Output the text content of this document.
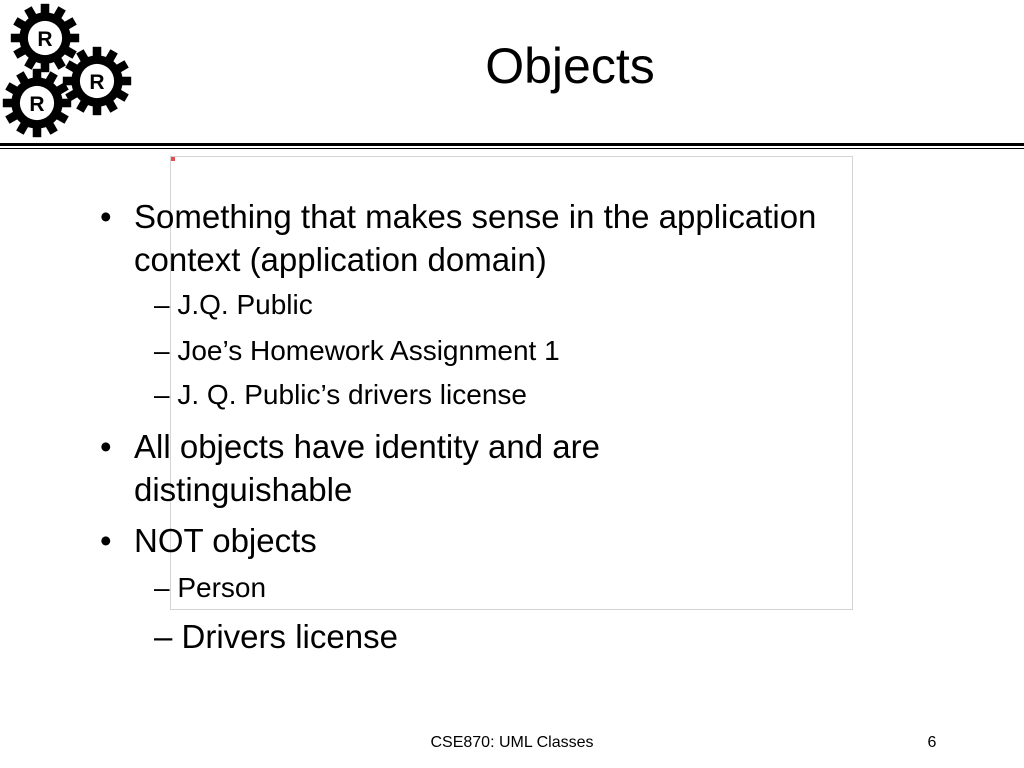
R
R
R
Objects
• Something that makes sense in the application context (application domain)
– J.Q. Public
– Joe’s Homework Assignment 1
– J. Q. Public’s drivers license
• All objects have identity and are distinguishable
• NOT objects
– Person
– Drivers license
CSE870: UML Classes	6
